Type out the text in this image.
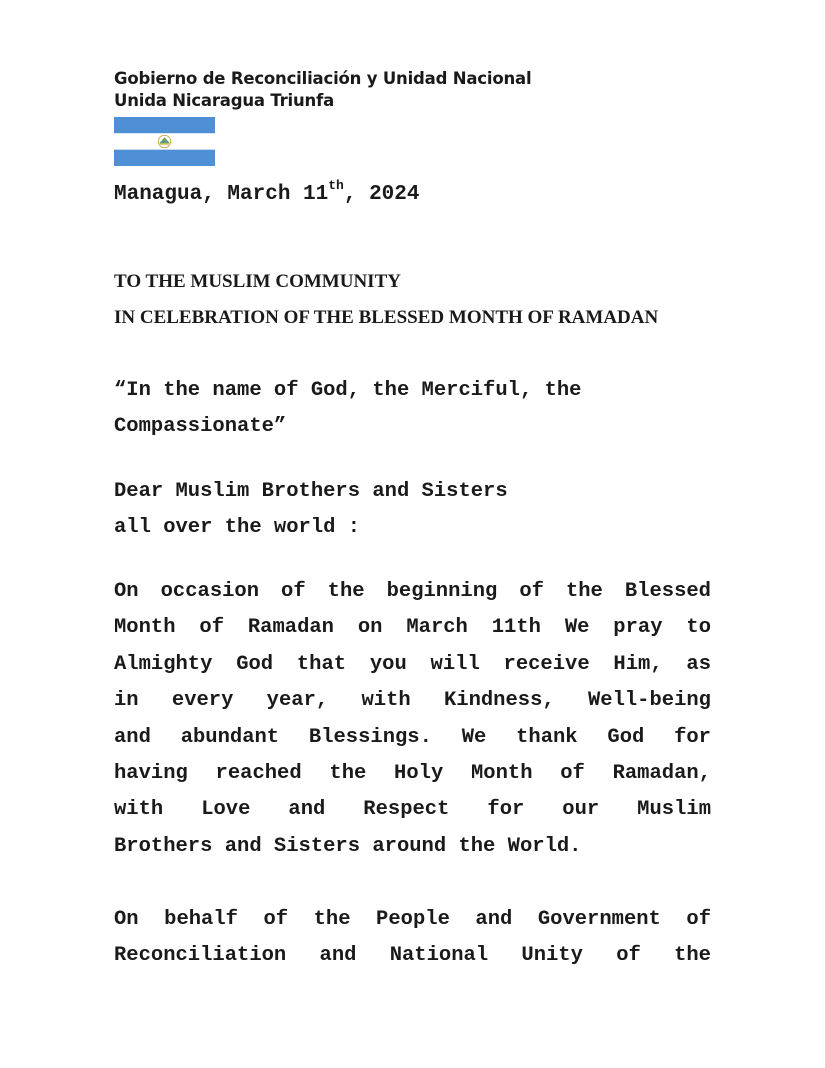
Gobierno de Reconciliación y Unidad Nacional
Unida Nicaragua Triunfa
Managua, March 11th, 2024
TO THE MUSLIM COMMUNITY
IN CELEBRATION OF THE BLESSED MONTH OF RAMADAN
“In the name of God, the Merciful, the
Compassionate”
Dear Muslim Brothers and Sisters
all over the world :
On occasion of the beginning of the Blessed
Month of Ramadan on March 11th We pray to
Almighty God that you will receive Him, as
in every year, with Kindness, Well-being
and abundant Blessings. We thank God for
having reached the Holy Month of Ramadan,
with Love and Respect for our Muslim
Brothers and Sisters around the World.
On behalf of the People and Government of
Reconciliation and National Unity of the
